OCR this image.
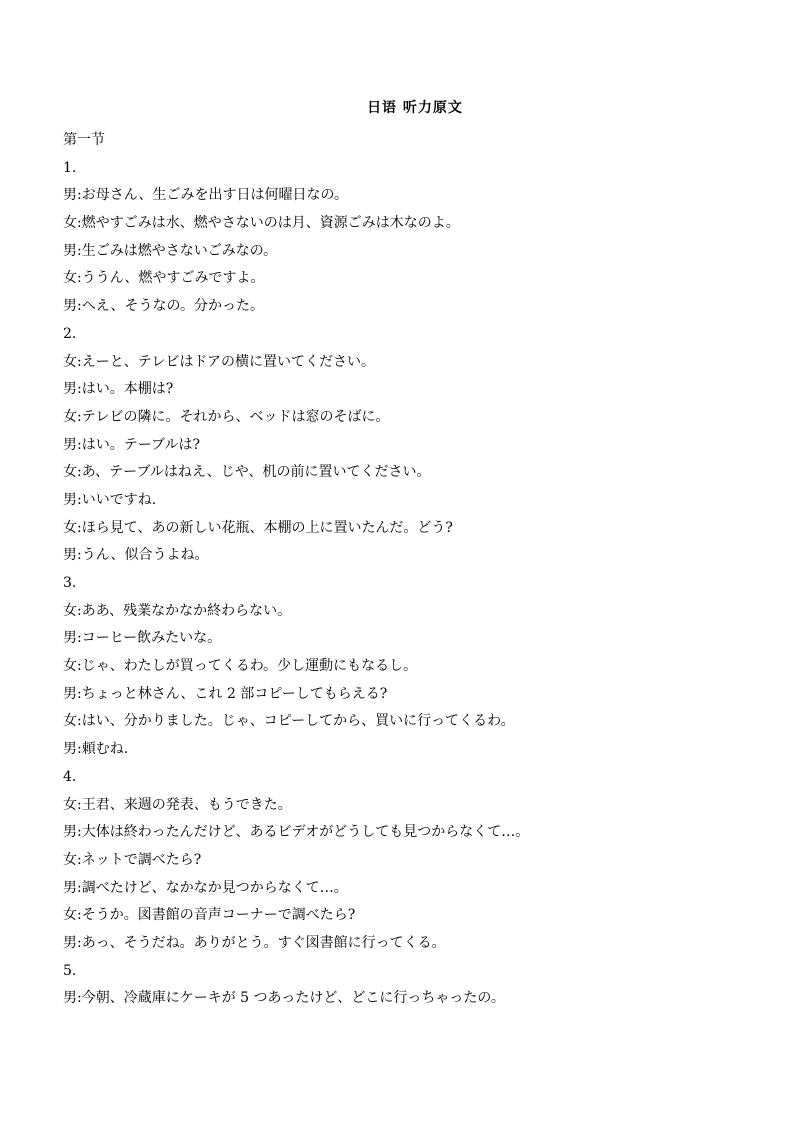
日语 听力原文
第一节
1.
男:お母さん、生ごみを出す日は何曜日なの。
女:燃やすごみは水、燃やさないのは月、資源ごみは木なのよ。
男:生ごみは燃やさないごみなの。
女:ううん、燃やすごみですよ。
男:へえ、そうなの。分かった。
2.
女:えーと、テレビはドアの横に置いてください。
男:はい。本棚は?
女:テレビの隣に。それから、ベッドは窓のそばに。
男:はい。テーブルは?
女:あ、テーブルはねえ、じや、机の前に置いてください。
男:いいですね.
女:ほら見て、あの新しい花瓶、本棚の上に置いたんだ。どう?
男:うん、似合うよね。
3.
女:ああ、残業なかなか終わらない。
男:コーヒー飲みたいな。
女:じゃ、わたしが買ってくるわ。少し運動にもなるし。
男:ちょっと林さん、これ 2 部コピーしてもらえる?
女:はい、分かりました。じゃ、コピーしてから、買いに行ってくるわ。
男:頼むね.
4.
女:王君、来週の発表、もうできた。
男:大体は終わったんだけど、あるビデオがどうしても見つからなくて…。
女:ネットで調べたら?
男:調べたけど、なかなか見つからなくて…。
女:そうか。図書館の音声コーナーで調べたら?
男:あっ、そうだね。ありがとう。すぐ図書館に行ってくる。
5.
男:今朝、冷蔵庫にケーキが 5 つあったけど、どこに行っちゃったの。
